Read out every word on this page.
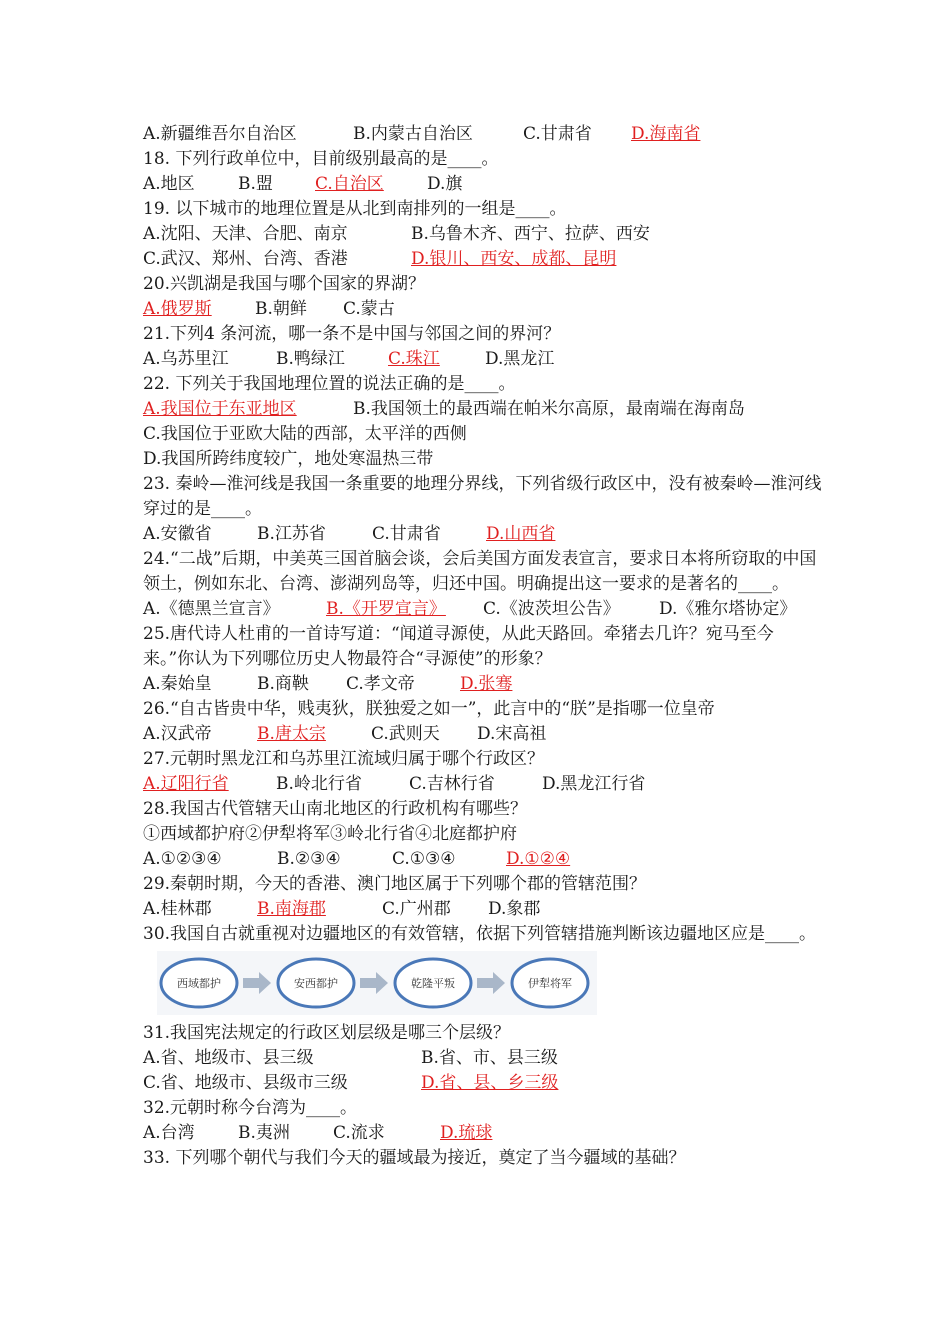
A.新疆维吾尔自治区	B.内蒙古自治区	C.甘肃省D.海南省
18. 下列行政单位中，目前级别最高的是____。
A.地区	B.盟 C.自治区	D.旗
19. 以下城市的地理位置是从北到南排列的一组是____。
A.沈阳、天津、合肥、南京	B.乌鲁木齐、西宁、拉萨、西安
C.武汉、郑州、台湾、香港	D.银川、西安、成都、昆明
20.兴凯湖是我国与哪个国家的界湖？
A.俄罗斯	B.朝鲜 C.蒙古
21.下列4 条河流，哪一条不是中国与邻国之间的界河？
A.乌苏里江	B.鸭绿江	C.珠江	D.黑龙江
22. 下列关于我国地理位置的说法正确的是____。
A.我国位于东亚地区	B.我国领土的最西端在帕米尔高原，最南端在海南岛
C.我国位于亚欧大陆的西部，太平洋的西侧
D.我国所跨纬度较广，地处寒温热三带
23. 秦岭—淮河线是我国一条重要的地理分界线，下列省级行政区中，没有被秦岭—淮河线穿过的是____。
A.安徽省	B.江苏省	C.甘肃省	D.山西省
24.“二战”后期，中美英三国首脑会谈，会后美国方面发表宣言，要求日本将所窃取的中国领土，例如东北、台湾、澎湖列岛等，归还中国。明确提出这一要求的是著名的____。
A.《德黑兰宣言》	B.《开罗宣言》 C.《波茨坦公告》 D.《雅尔塔协定》
25.唐代诗人杜甫的一首诗写道：“闻道寻源使，从此天路回。牵猪去几许？宛马至今来。”你认为下列哪位历史人物最符合“寻源使”的形象？
A.秦始皇	B.商鞅 C.孝文帝	D.张骞
26.“自古皆贵中华，贱夷狄，朕独爱之如一”，此言中的“朕”是指哪一位皇帝
A.汉武帝	B.唐太宗	C.武则天 D.宋高祖
27.元朝时黑龙江和乌苏里江流域归属于哪个行政区？
A.辽阳行省	B.岭北行省	C.吉林行省	D.黑龙江行省
28.我国古代管辖天山南北地区的行政机构有哪些？
①西域都护府②伊犁将军③岭北行省④北庭都护府
A.①②③④	B.②③④	C.①③④	D.①②④
29.秦朝时期，今天的香港、澳门地区属于下列哪个郡的管辖范围？
A.桂林郡	B.南海郡	C.广州郡 D.象郡
30.我国自古就重视对边疆地区的有效管辖，依据下列管辖措施判断该边疆地区应是____。
西域都护	安西都护	乾隆平叛	伊犁将军
31.我国宪法规定的行政区划层级是哪三个层级？
A.省、地级市、县三级	B.省、市、县三级
C.省、地级市、县级市三级	D.省、县、乡三级
32.元朝时称今台湾为____。
A.台湾	B.夷洲	C.流求	D.琉球
33. 下列哪个朝代与我们今天的疆域最为接近，奠定了当今疆域的基础？
